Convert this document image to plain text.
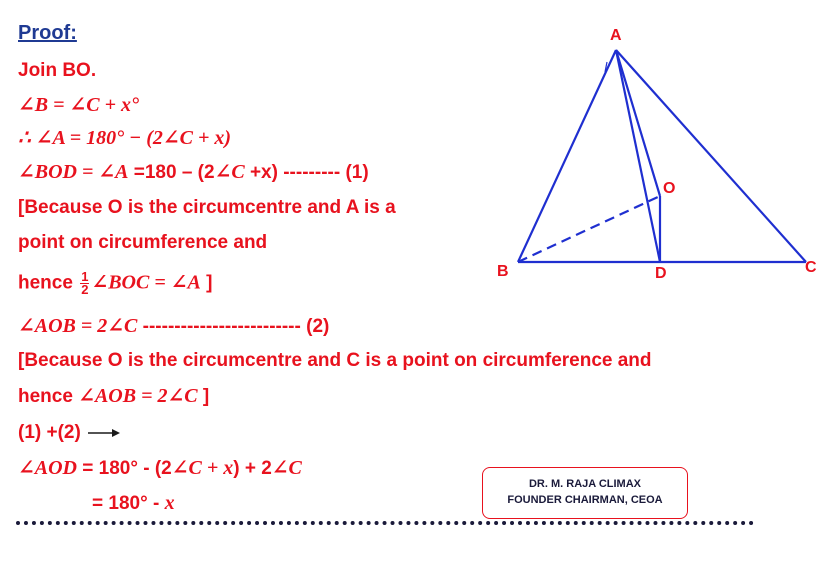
Proof:
Join BO.
∠B = ∠C + x°
∴ ∠A = 180° − (2∠C + x)
∠BOD = ∠A =180 – (2∠C +x) --------- (1)
[Because O is the circumcentre and A is a
point on circumference and
hence $\frac{1}{2}$ ∠BOC = ∠A ]
∠AOB = 2∠C ------------------------- (2)
[Because O is the circumcentre and C is a point on circumference and
hence ∠AOB = 2∠C ]
(1) +(2)
∠AOD = 180° - (2∠C + x) + 2∠C
= 180° - x
DR. M. RAJA CLIMAX
FOUNDER CHAIRMAN, CEOA
A
B	C
D
O
